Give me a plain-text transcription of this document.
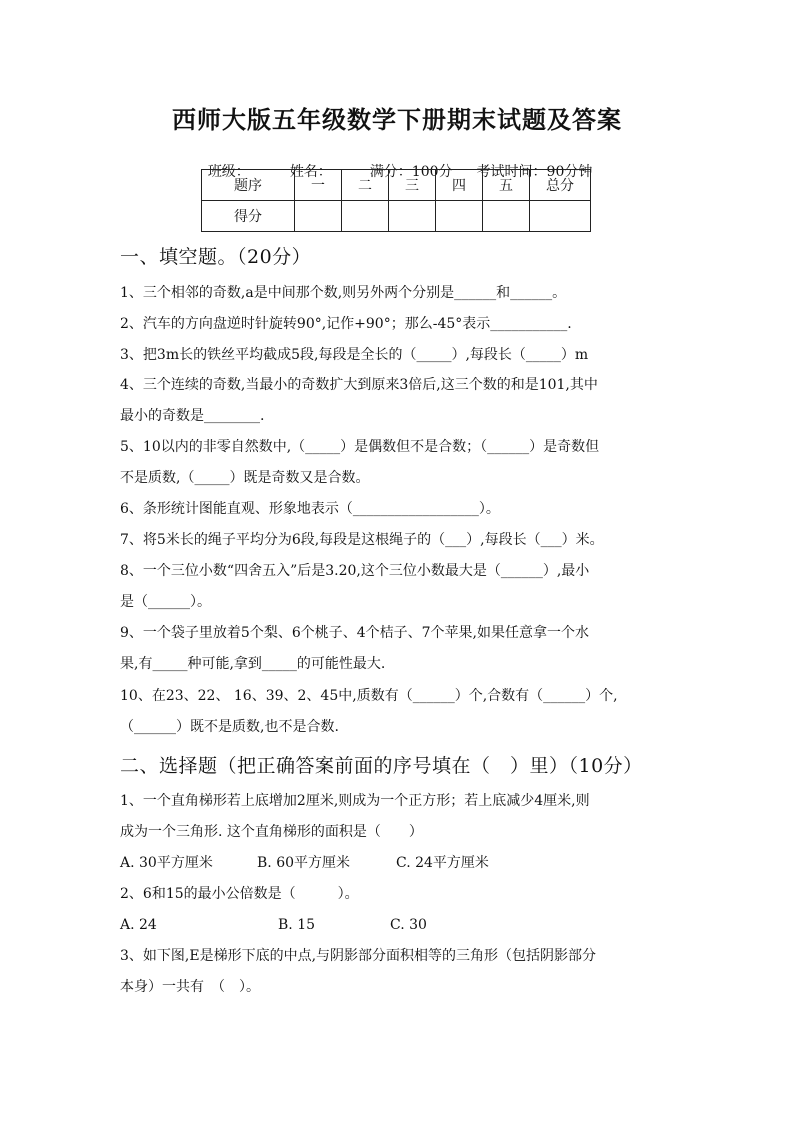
西师大版五年级数学下册期末试题及答案

班级：	姓名：	满分：100分 考试时间：90分钟

题序	一	二	三	四	五	总分
得分						
一、填空题。（20分）
1、三个相邻的奇数,a是中间那个数,则另外两个分别是______和______。
2、汽车的方向盘逆时针旋转90°,记作+90°；那么-45°表示___________.
3、把3m长的铁丝平均截成5段,每段是全长的（_____）,每段长（_____）m
4、三个连续的奇数,当最小的奇数扩大到原来3倍后,这三个数的和是101,其中
最小的奇数是________.
5、10以内的非零自然数中,（_____）是偶数但不是合数；（______）是奇数但
不是质数,（_____）既是奇数又是合数。
6、条形统计图能直观、形象地表示（__________________）。
7、将5米长的绳子平均分为6段,每段是这根绳子的（___）,每段长（___）米。
8、一个三位小数“四舍五入”后是3.20,这个三位小数最大是（______）,最小
是（______）。
9、一个袋子里放着5个梨、6个桃子、4个桔子、7个苹果,如果任意拿一个水
果,有_____种可能,拿到_____的可能性最大.
10、在23、22、 16、39、2、45中,质数有（______）个,合数有（______）个,
（______）既不是质数,也不是合数.
二、选择题（把正确答案前面的序号填在（　）里）（10分）
1、一个直角梯形若上底增加2厘米,则成为一个正方形；若上底减少4厘米,则
成为一个三角形. 这个直角梯形的面积是（　　）
A. 30平方厘米	B. 60平方厘米	C. 24平方厘米
2、6和15的最小公倍数是（　　　）。
A. 24	B. 15	C. 30
3、如下图,E是梯形下底的中点,与阴影部分面积相等的三角形（包括阴影部分
本身）一共有　（　）。
